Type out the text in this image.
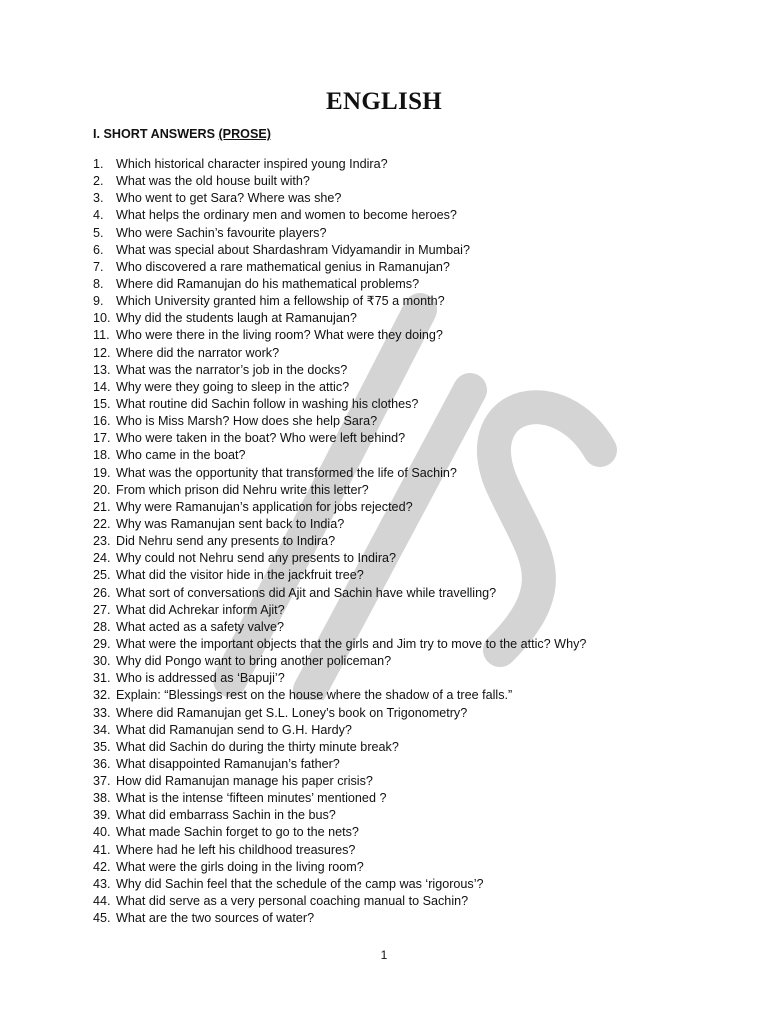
ENGLISH
I. SHORT ANSWERS (PROSE)
1. Which historical character inspired young Indira?
2. What was the old house built with?
3. Who went to get Sara? Where was she?
4. What helps the ordinary men and women to become heroes?
5. Who were Sachin’s favourite players?
6. What was special about Shardashram Vidyamandir in Mumbai?
7. Who discovered a rare mathematical genius in Ramanujan?
8. Where did Ramanujan do his mathematical problems?
9. Which University granted him a fellowship of ₹75 a month?
10. Why did the students laugh at Ramanujan?
11. Who were there in the living room? What were they doing?
12. Where did the narrator work?
13. What was the narrator’s job in the docks?
14. Why were they going to sleep in the attic?
15. What routine did Sachin follow in washing his clothes?
16. Who is Miss Marsh? How does she help Sara?
17. Who were taken in the boat? Who were left behind?
18. Who came in the boat?
19. What was the opportunity that transformed the life of Sachin?
20. From which prison did Nehru write this letter?
21. Why were Ramanujan’s application for jobs rejected?
22. Why was Ramanujan sent back to India?
23. Did Nehru send any presents to Indira?
24. Why could not Nehru send any presents to Indira?
25. What did the visitor hide in the jackfruit tree?
26. What sort of conversations did Ajit and Sachin have while travelling?
27. What did Achrekar inform Ajit?
28. What acted as a safety valve?
29. What were the important objects that the girls and Jim try to move to the attic? Why?
30. Why did Pongo want to bring another policeman?
31. Who is addressed as ‘Bapuji’?
32. Explain: “Blessings rest on the house where the shadow of a tree falls.”
33. Where did Ramanujan get S.L. Loney’s book on Trigonometry?
34. What did Ramanujan send to G.H. Hardy?
35. What did Sachin do during the thirty minute break?
36. What disappointed Ramanujan’s father?
37. How did Ramanujan manage his paper crisis?
38. What is the intense ‘fifteen minutes’ mentioned ?
39. What did embarrass Sachin in the bus?
40. What made Sachin forget to go to the nets?
41. Where had he left his childhood treasures?
42. What were the girls doing in the living room?
43. Why did Sachin feel that the schedule of the camp was ‘rigorous’?
44. What did serve as a very personal coaching manual to Sachin?
45. What are the two sources of water?
1
